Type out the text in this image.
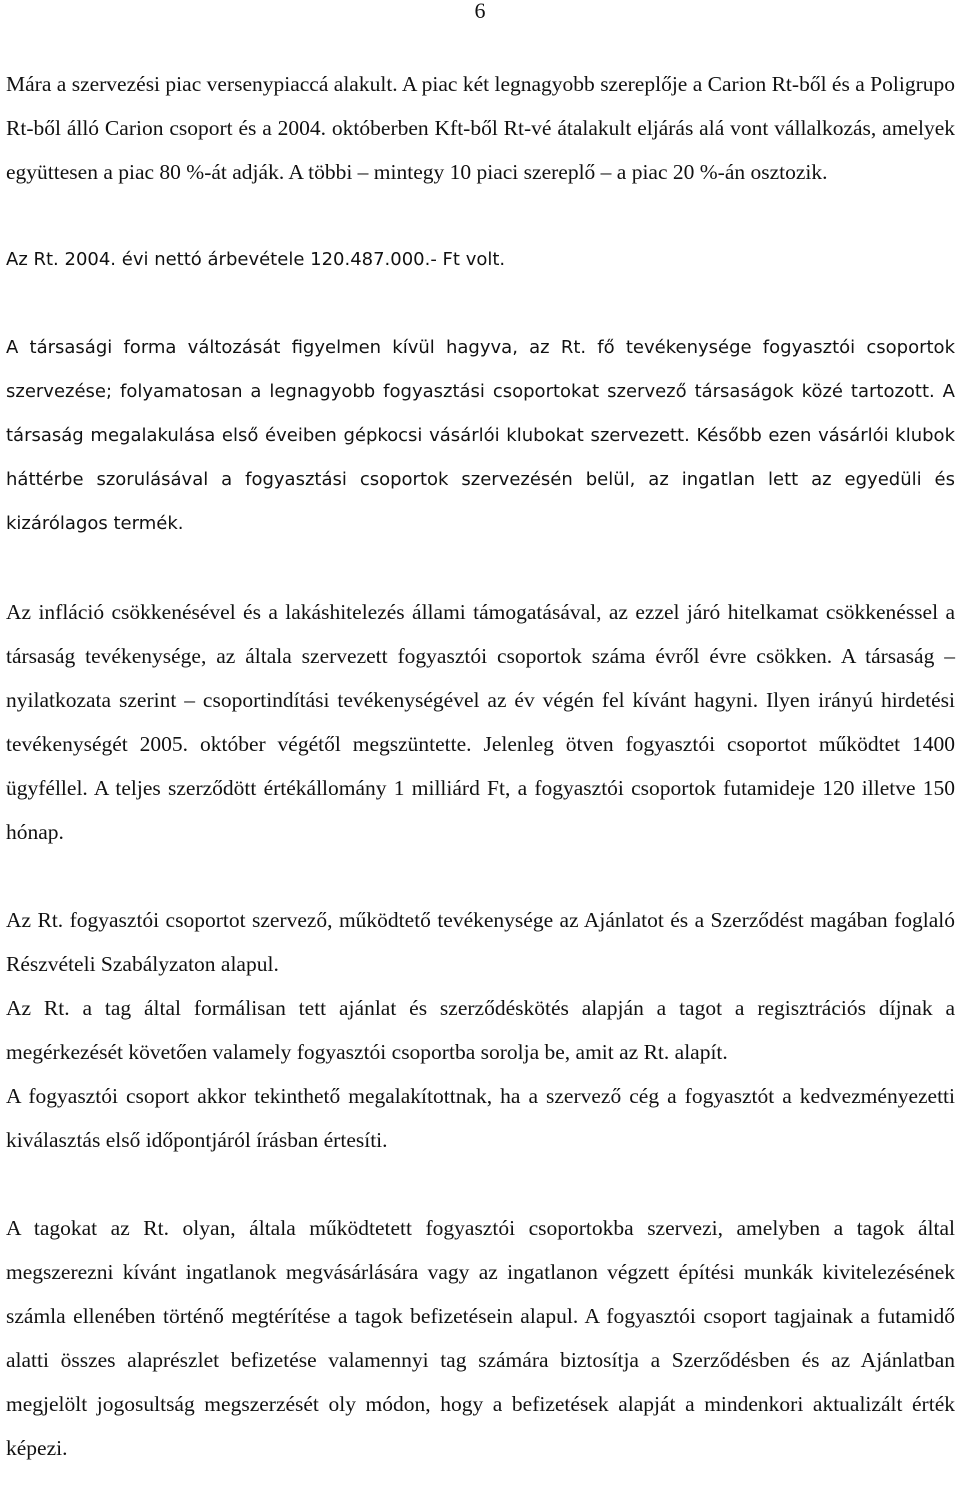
6

Mára a szervezési piac versenypiaccá alakult. A piac két legnagyobb szereplője a Carion Rt-ből és a Poligrupo Rt-ből álló Carion csoport és a 2004. októberben Kft-ből Rt-vé átalakult eljárás alá vont vállalkozás, amelyek együttesen a piac 80 %-át adják. A többi – mintegy 10 piaci szereplő – a piac 20 %-án osztozik.

Az Rt. 2004. évi nettó árbevétele 120.487.000.- Ft volt.

A társasági forma változását figyelmen kívül hagyva, az Rt. fő tevékenysége fogyasztói csoportok szervezése; folyamatosan a legnagyobb fogyasztási csoportokat szervező társaságok közé tartozott. A társaság megalakulása első éveiben gépkocsi vásárlói klubokat szervezett. Később ezen vásárlói klubok háttérbe szorulásával a fogyasztási csoportok szervezésén belül, az ingatlan lett az egyedüli és kizárólagos termék.

Az infláció csökkenésével és a lakáshitelezés állami támogatásával, az ezzel járó hitelkamat csökkenéssel a társaság tevékenysége, az általa szervezett fogyasztói csoportok száma évről évre csökken. A társaság – nyilatkozata szerint – csoportindítási tevékenységével az év végén fel kívánt hagyni. Ilyen irányú hirdetési tevékenységét 2005. október végétől megszüntette. Jelenleg ötven fogyasztói csoportot működtet 1400 ügyféllel. A teljes szerződött értékállomány 1 milliárd Ft, a fogyasztói csoportok futamideje 120 illetve 150 hónap.

Az Rt. fogyasztói csoportot szervező, működtető tevékenysége az Ajánlatot és a Szerződést magában foglaló Részvételi Szabályzaton alapul.

Az Rt. a tag által formálisan tett ajánlat és szerződéskötés alapján a tagot a regisztrációs díjnak a megérkezését követően valamely fogyasztói csoportba sorolja be, amit az Rt. alapít.

A fogyasztói csoport akkor tekinthető megalakítottnak, ha a szervező cég a fogyasztót a kedvezményezetti kiválasztás első időpontjáról írásban értesíti.

A tagokat az Rt. olyan, általa működtetett fogyasztói csoportokba szervezi, amelyben a tagok által megszerezni kívánt ingatlanok megvásárlására vagy az ingatlanon végzett építési munkák kivitelezésének számla ellenében történő megtérítése a tagok befizetésein alapul. A fogyasztói csoport tagjainak a futamidő alatti összes alaprészlet befizetése valamennyi tag számára biztosítja a Szerződésben és az Ajánlatban megjelölt jogosultság megszerzését oly módon, hogy a befizetések alapját a mindenkori aktualizált érték képezi.
